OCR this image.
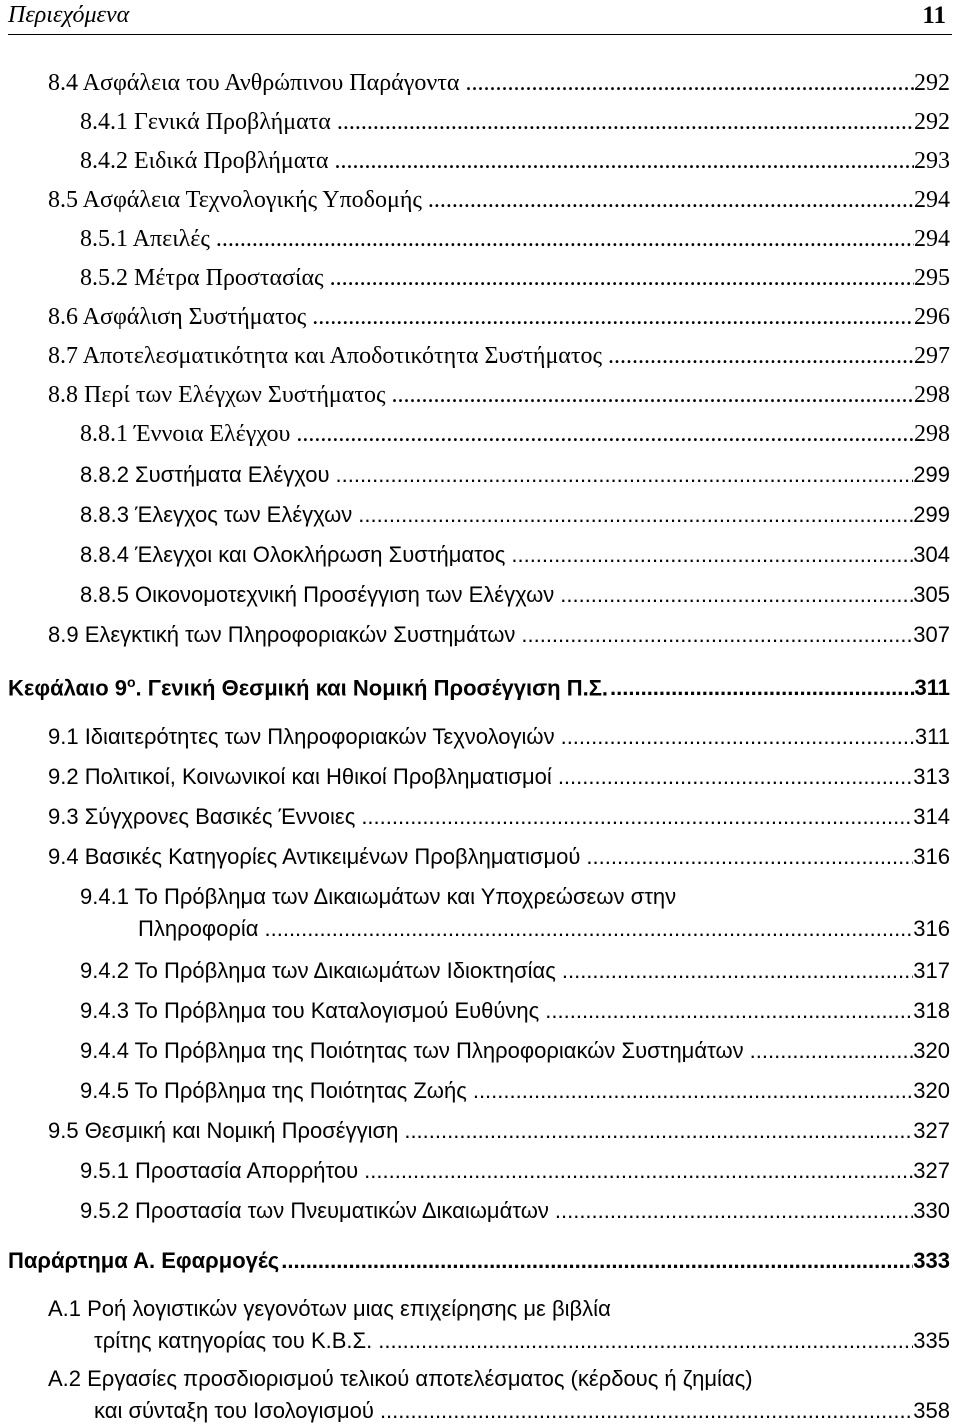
Περιεχόμενα	11
8.4 Ασφάλεια του Ανθρώπινου Παράγοντα .....	292
8.4.1 Γενικά Προβλήματα .....	292
8.4.2 Ειδικά Προβλήματα .....	293
8.5 Ασφάλεια Τεχνολογικής Υποδομής .....	294
8.5.1 Απειλές .....	294
8.5.2 Μέτρα Προστασίας .....	295
8.6 Ασφάλιση Συστήματος .....	296
8.7 Αποτελεσματικότητα και Αποδοτικότητα Συστήματος .....	297
8.8 Περί των Ελέγχων Συστήματος .....	298
8.8.1 Έννοια Ελέγχου .....	298
8.8.2 Συστήματα Ελέγχου .....	299
8.8.3 Έλεγχος των Ελέγχων .....	299
8.8.4 Έλεγχοι και Ολοκλήρωση Συστήματος .....	304
8.8.5 Οικονομοτεχνική Προσέγγιση των Ελέγχων .....	305
8.9 Ελεγκτική των Πληροφοριακών Συστημάτων .....	307
Κεφάλαιο $9^o$. Γενική Θεσμική και Νομική Προσέγγιση Π.Σ. .....	311
9.1 Ιδιαιτερότητες των Πληροφοριακών Τεχνολογιών .....	311
9.2 Πολιτικοί, Κοινωνικοί και Ηθικοί Προβληματισμοί .....	313
9.3 Σύγχρονες Βασικές Έννοιες .....	314
9.4 Βασικές Κατηγορίες Αντικειμένων Προβληματισμού .....	316
9.4.1 Το Πρόβλημα των Δικαιωμάτων και Υποχρεώσεων στην
Πληροφορία .....	316
9.4.2 Το Πρόβλημα των Δικαιωμάτων Ιδιοκτησίας .....	317
9.4.3 Το Πρόβλημα του Καταλογισμού Ευθύνης .....	318
9.4.4 Το Πρόβλημα της Ποιότητας των Πληροφοριακών Συστημάτων .....	320
9.4.5 Το Πρόβλημα της Ποιότητας Ζωής .....	320
9.5 Θεσμική και Νομική Προσέγγιση .....	327
9.5.1 Προστασία Απορρήτου .....	327
9.5.2 Προστασία των Πνευματικών Δικαιωμάτων .....	330
Παράρτημα Α. Εφαρμογές .....	333
Α.1 Ροή λογιστικών γεγονότων μιας επιχείρησης με βιβλία
τρίτης κατηγορίας του Κ.Β.Σ. .....	335
Α.2 Εργασίες προσδιορισμού τελικού αποτελέσματος (κέρδους ή ζημίας)
και σύνταξη του Ισολογισμού .....	358
